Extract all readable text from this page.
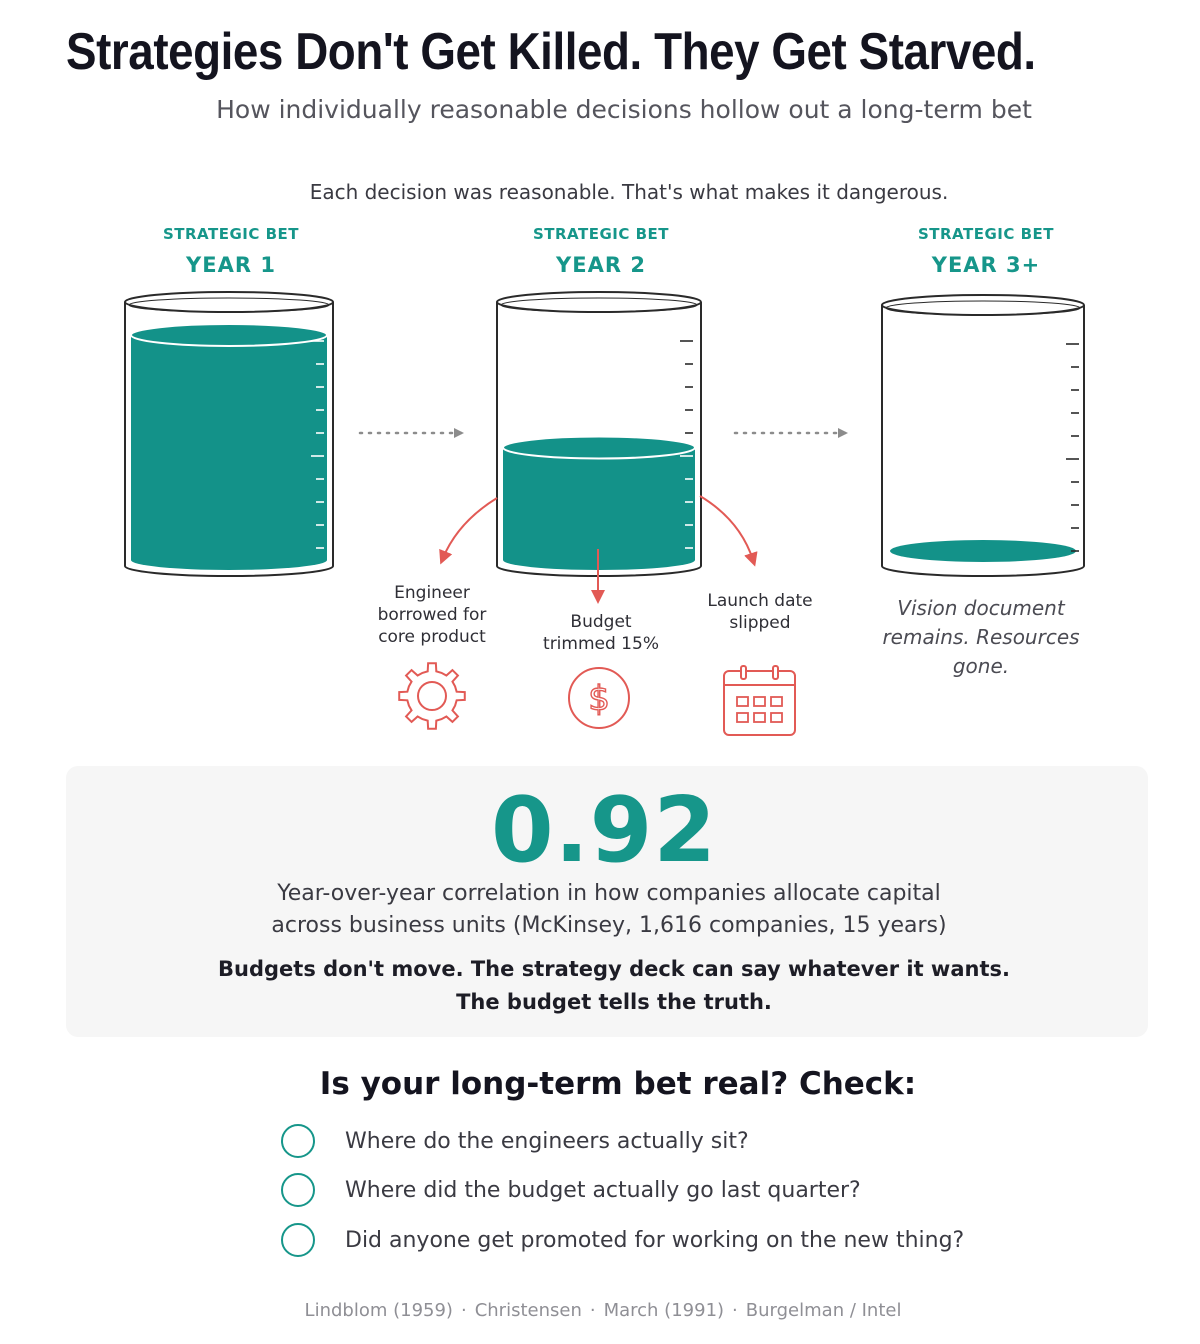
Strategies Don't Get Killed. They Get Starved.
How individually reasonable decisions hollow out a long-term bet
Each decision was reasonable. That's what makes it dangerous.
STRATEGIC BET
YEAR 1
STRATEGIC BET
YEAR 2
STRATEGIC BET
YEAR 3+
$
Engineer borrowed for core product
Budget trimmed 15%
Launch date slipped
Vision document remains. Resources gone.
0.92
Year-over-year correlation in how companies allocate capital
across business units (McKinsey, 1,616 companies, 15 years)
Budgets don't move. The strategy deck can say whatever it wants.
The budget tells the truth.
Is your long-term bet real? Check:
Where do the engineers actually sit?
Where did the budget actually go last quarter?
Did anyone get promoted for working on the new thing?
Lindblom (1959) · Christensen · March (1991) · Burgelman / Intel
